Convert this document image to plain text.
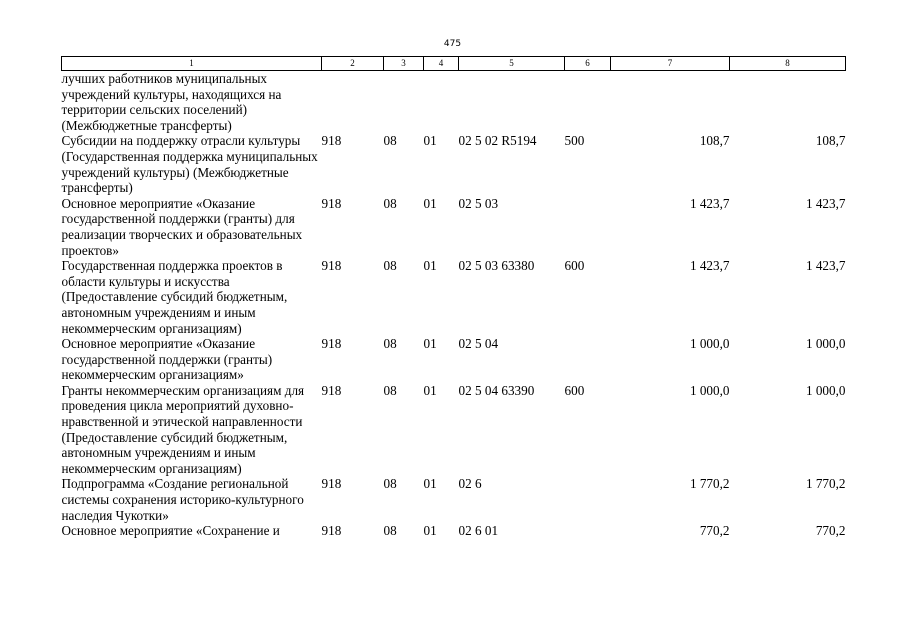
475
1	2	3	4	5	6	7	8
лучших работников муниципальных учреждений культуры, находящихся на территории сельских поселений) (Межбюджетные трансферты)							
Субсидии на поддержку отрасли культуры (Государственная поддержка муниципальных учреждений культуры) (Межбюджетные трансферты)	918	08	01	02 5 02 R5194	500	108,7	108,7
Основное мероприятие «Оказание государственной поддержки (гранты) для реализации творческих и образовательных проектов»	918	08	01	02 5 03		1 423,7	1 423,7
Государственная поддержка проектов в области культуры и искусства (Предоставление субсидий бюджетным, автономным учреждениям и иным некоммерческим организациям)	918	08	01	02 5 03 63380	600	1 423,7	1 423,7
Основное мероприятие «Оказание государственной поддержки (гранты) некоммерческим организациям»	918	08	01	02 5 04		1 000,0	1 000,0
Гранты некоммерческим организациям для проведения цикла мероприятий духовно-нравственной и этической направленности (Предоставление субсидий бюджетным, автономным учреждениям и иным некоммерческим организациям)	918	08	01	02 5 04 63390	600	1 000,0	1 000,0
Подпрограмма «Создание региональной системы сохранения историко-культурного наследия Чукотки»	918	08	01	02 6		1 770,2	1 770,2
Основное мероприятие «Сохранение и	918	08	01	02 6 01		770,2	770,2
